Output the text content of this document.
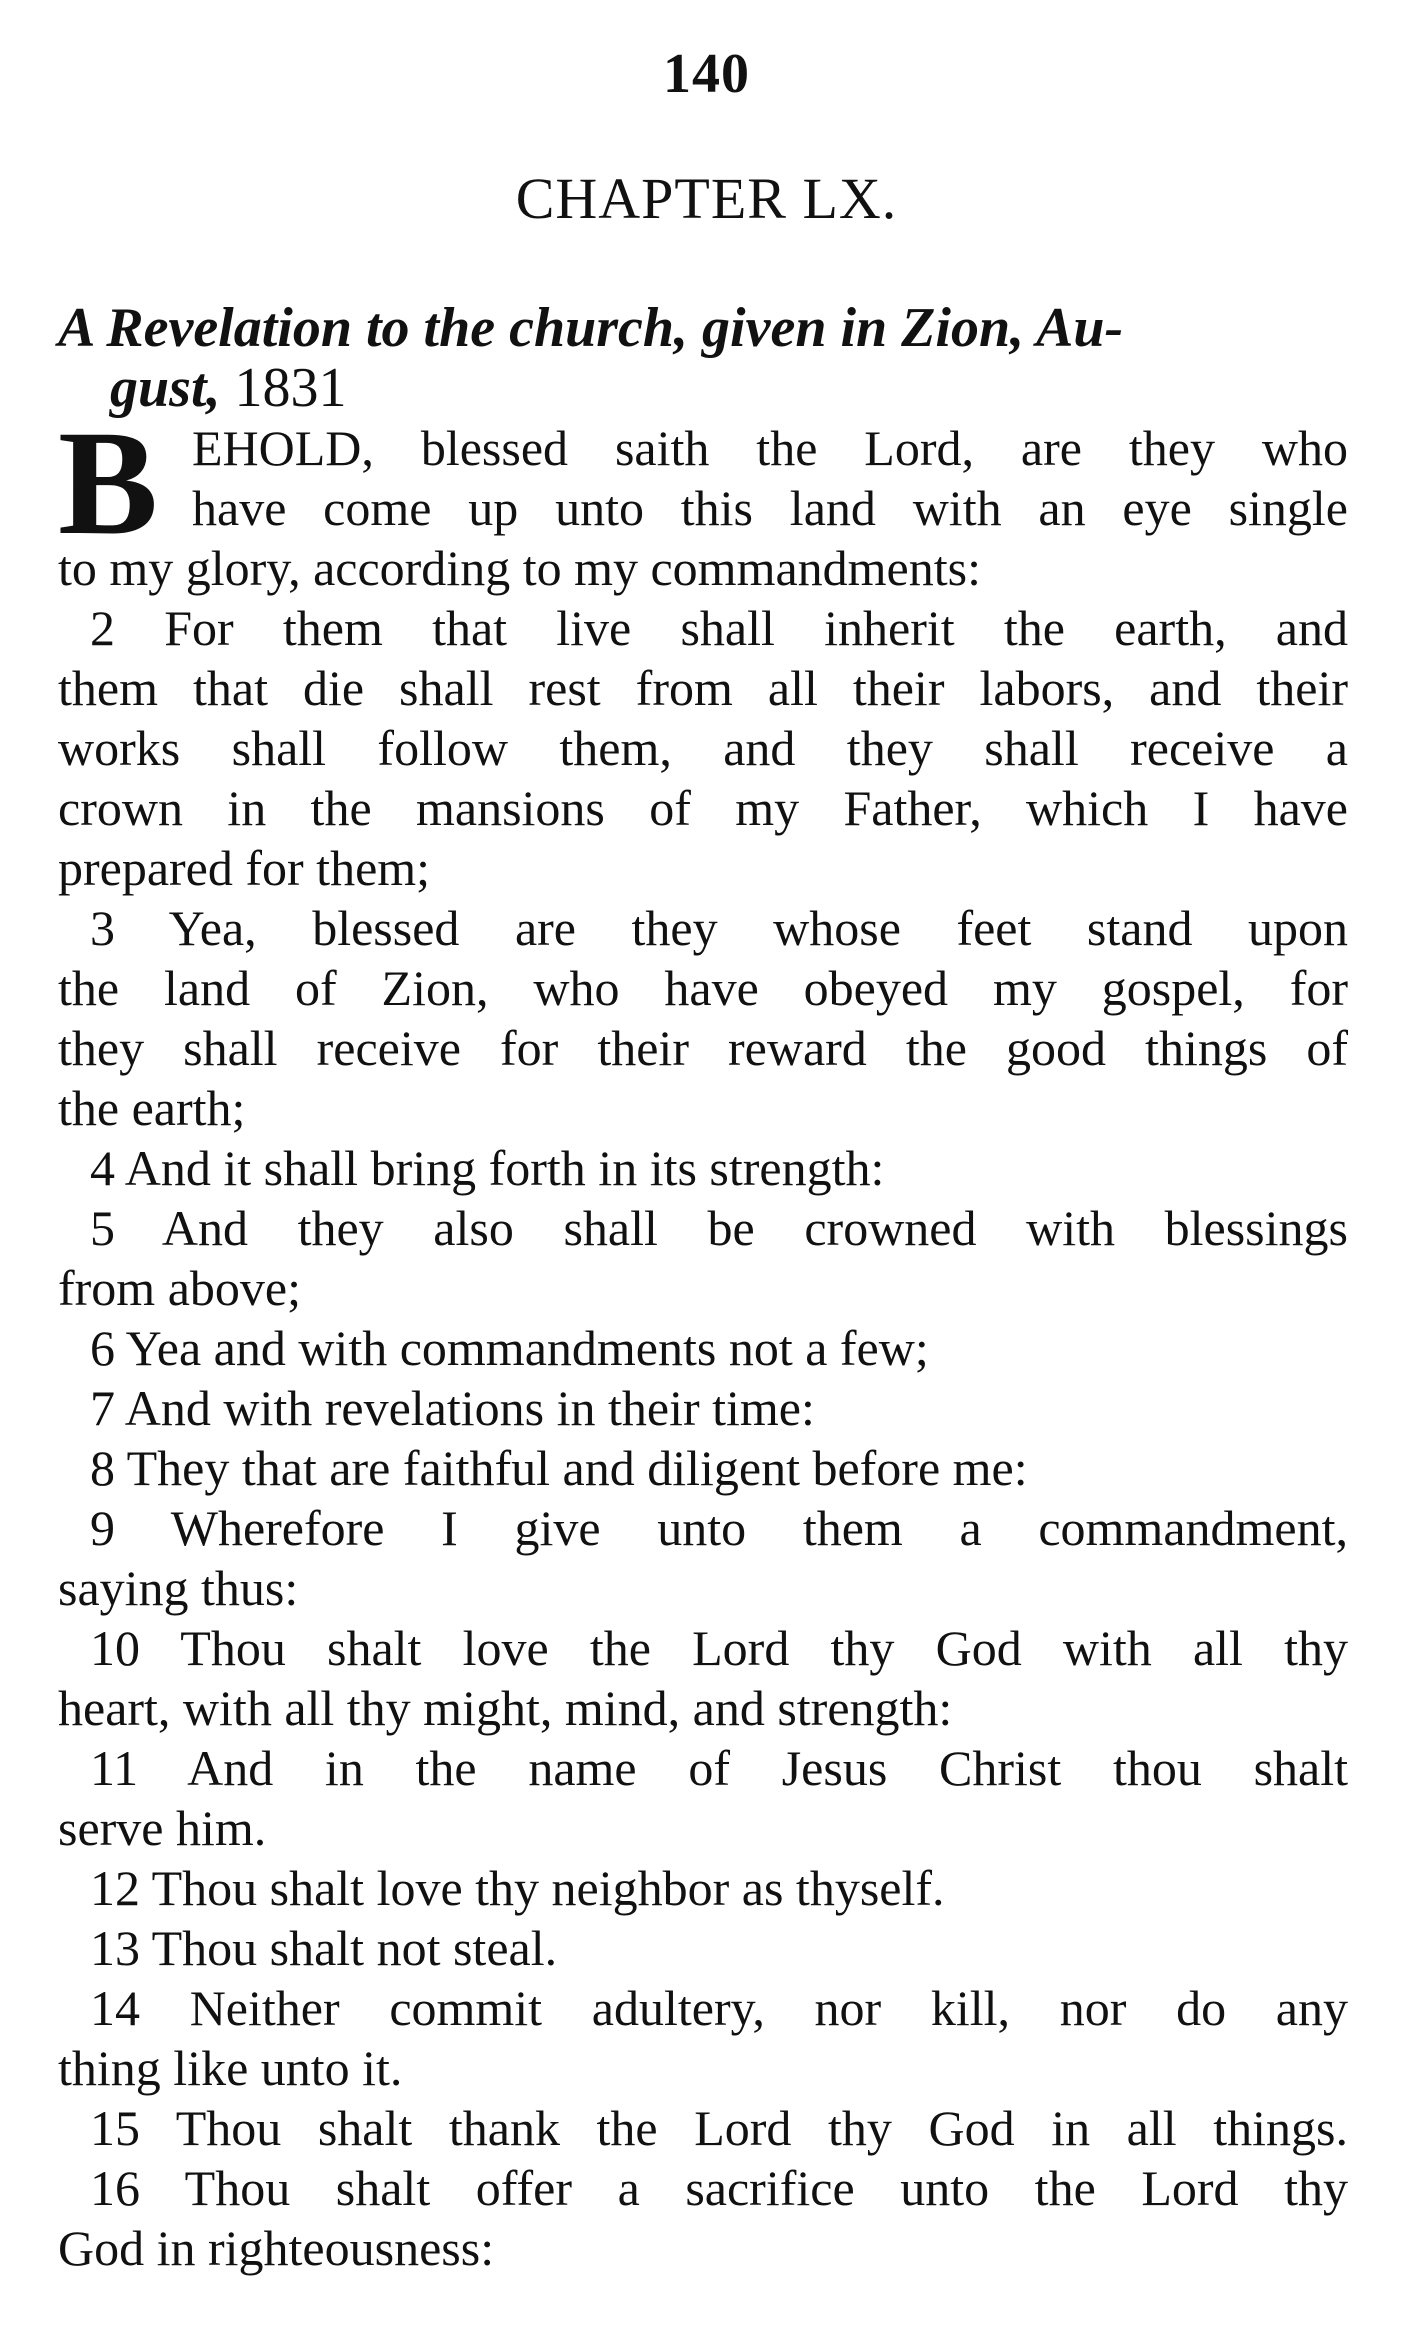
140
CHAPTER LX.
A Revelation to the church, given in Zion, Au-
gust, 1831
B EHOLD, blessed saith the Lord, are they who
have come up unto this land with an eye single
to my glory, according to my commandments:
2 For them that live shall inherit the earth, and
them that die shall rest from all their labors, and their
works shall follow them, and they shall receive a
crown in the mansions of my Father, which I have
prepared for them;
3 Yea, blessed are they whose feet stand upon
the land of Zion, who have obeyed my gospel, for
they shall receive for their reward the good things of
the earth;
4 And it shall bring forth in its strength:
5 And they also shall be crowned with blessings
from above;
6 Yea and with commandments not a few;
7 And with revelations in their time:
8 They that are faithful and diligent before me:
9 Wherefore I give unto them a commandment,
saying thus:
10 Thou shalt love the Lord thy God with all thy
heart, with all thy might, mind, and strength:
11 And in the name of Jesus Christ thou shalt
serve him.
12 Thou shalt love thy neighbor as thyself.
13 Thou shalt not steal.
14 Neither commit adultery, nor kill, nor do any
thing like unto it.
15 Thou shalt thank the Lord thy God in all things.
16 Thou shalt offer a sacrifice unto the Lord thy
God in righteousness:
